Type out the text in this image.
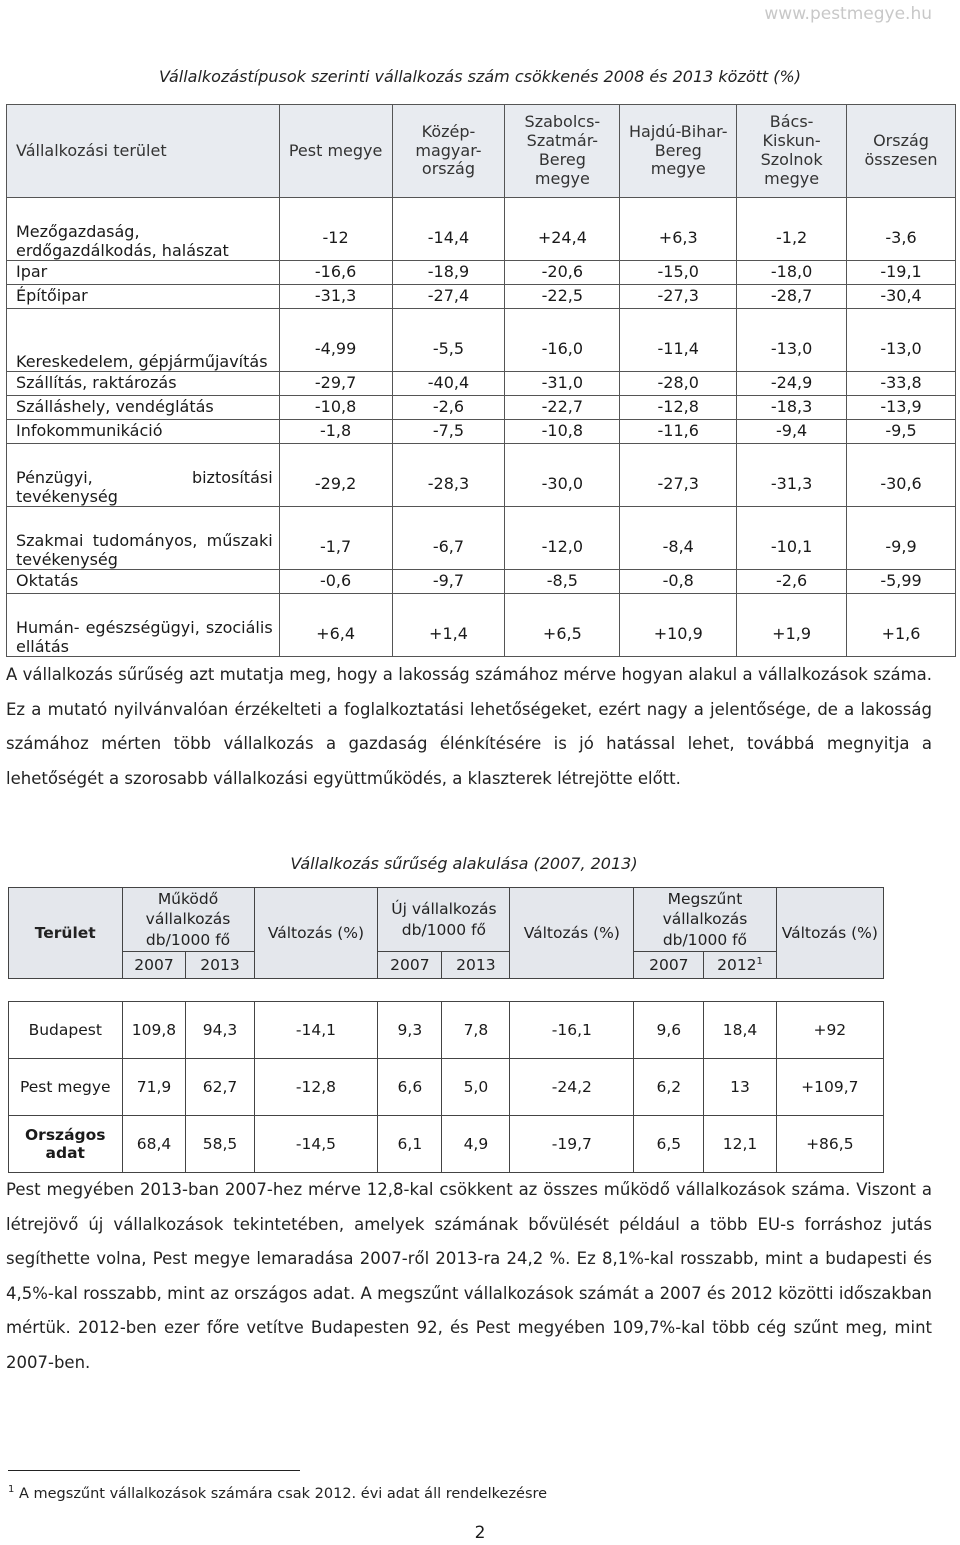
www.pestmegye.hu
Vállalkozástípusok szerinti vállalkozás szám csökkenés 2008 és 2013 között (%)
Vállalkozási terület	Pest megye	Közép-magyar-ország	Szabolcs-Szatmár-Bereg megye	Hajdú-Bihar-Bereg megye	Bács-Kiskun-Szolnok megye	Ország összesen
Mezőgazdaság, erdőgazdálkodás, halászat	-12	-14,4	+24,4	+6,3	-1,2	-3,6
Ipar	-16,6	-18,9	-20,6	-15,0	-18,0	-19,1
Építőipar	-31,3	-27,4	-22,5	-27,3	-28,7	-30,4
Kereskedelem, gépjárműjavítás	-4,99	-5,5	-16,0	-11,4	-13,0	-13,0
Szállítás, raktározás	-29,7	-40,4	-31,0	-28,0	-24,9	-33,8
Szálláshely, vendéglátás	-10,8	-2,6	-22,7	-12,8	-18,3	-13,9
Infokommunikáció	-1,8	-7,5	-10,8	-11,6	-9,4	-9,5
Pénzügyi, biztosítási tevékenység	-29,2	-28,3	-30,0	-27,3	-31,3	-30,6
Szakmai tudományos, műszaki tevékenység	-1,7	-6,7	-12,0	-8,4	-10,1	-9,9
Oktatás	-0,6	-9,7	-8,5	-0,8	-2,6	-5,99
Humán- egészségügyi, szociális ellátás	+6,4	+1,4	+6,5	+10,9	+1,9	+1,6
A vállalkozás sűrűség azt mutatja meg, hogy a lakosság számához mérve hogyan alakul a vállalkozások száma. Ez a mutató nyilvánvalóan érzékelteti a foglalkoztatási lehetőségeket, ezért nagy a jelentősége, de a lakosság számához mérten több vállalkozás a gazdaság élénkítésére is jó hatással lehet, továbbá megnyitja a lehetőségét a szorosabb vállalkozási együttműködés, a klaszterek létrejötte előtt.
Vállalkozás sűrűség alakulása (2007, 2013)
Terület	Működő vállalkozás db/1000 fő		Változás (%)	Új vállalkozás db/1000 fő		Változás (%)	Megszűnt vállalkozás db/1000 fő		Változás (%)
	2007	2013		2007	2013		2007	2012$^1$

Budapest	109,8	94,3	-14,1	9,3	7,8	-16,1	9,6	18,4	+92
Pest megye	71,9	62,7	-12,8	6,6	5,0	-24,2	6,2	13	+109,7
Országos adat	68,4	58,5	-14,5	6,1	4,9	-19,7	6,5	12,1	+86,5
Pest megyében 2013-ban 2007-hez mérve 12,8-kal csökkent az összes működő vállalkozások száma. Viszont a létrejövő új vállalkozások tekintetében, amelyek számának bővülését például a több EU-s forráshoz jutás segíthette volna, Pest megye lemaradása 2007-ről 2013-ra 24,2 %. Ez 8,1%-kal rosszabb, mint a budapesti és 4,5%-kal rosszabb, mint az országos adat. A megszűnt vállalkozások számát a 2007 és 2012 közötti időszakban mértük. 2012-ben ezer főre vetítve Budapesten 92, és Pest megyében 109,7%-kal több cég szűnt meg, mint 2007-ben.
$^1$ A megszűnt vállalkozások számára csak 2012. évi adat áll rendelkezésre
2
